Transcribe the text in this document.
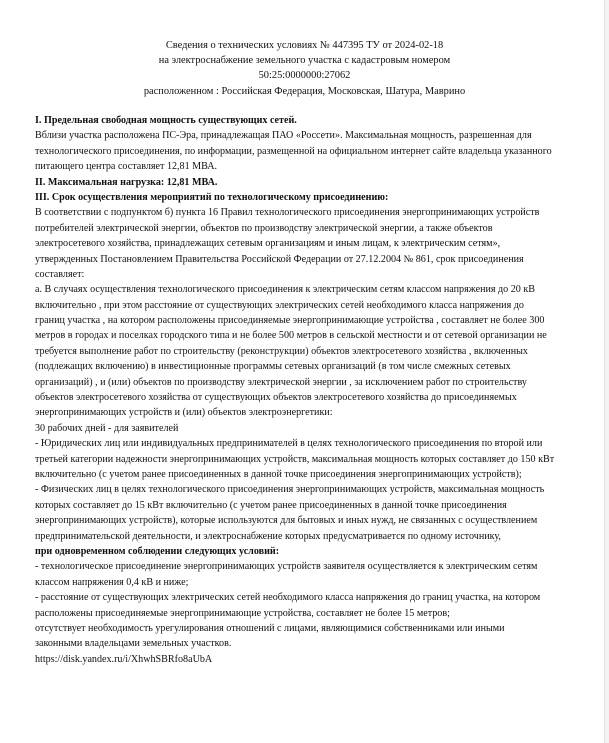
Сведения о технических условиях № 447395 ТУ от 2024-02-18
на электроснабжение земельного участка с кадастровым номером
50:25:0000000:27062
расположенном : Российская Федерация, Московская, Шатура, Маврино
I. Предельная свободная мощность существующих сетей.
Вблизи участка расположена ПС-Эра, принадлежащая ПАО «Россети». Максимальная мощность, разрешенная для
технологического присоединения, по информации, размещенной на официальном интернет сайте владельца указанного
питающего центра составляет 12,81 МВА.
II. Максимальная нагрузка: 12,81 МВА.
III. Срок осуществления мероприятий по технологическому присоединению:
В соответствии с подпунктом б) пункта 16 Правил технологического присоединения энергопринимающих устройств
потребителей электрической энергии, объектов по производству электрической энергии, а также объектов
электросетевого хозяйства, принадлежащих сетевым организациям и иным лицам, к электрическим сетям»,
утвержденных Постановлением Правительства Российской Федерации от 27.12.2004 № 861, срок присоединения
составляет:
а. В случаях осуществления технологического присоединения к электрическим сетям классом напряжения до 20 кВ
включительно , при этом расстояние от существующих электрических сетей необходимого класса напряжения до
границ участка , на котором расположены присоединяемые энергопринимающие устройства , составляет не более 300
метров в городах и поселках городского типа и не более 500 метров в сельской местности и от сетевой организации не
требуется выполнение работ по строительству (реконструкции) объектов электросетевого хозяйства , включенных
(подлежащих включению) в инвестиционные программы сетевых организаций (в том числе смежных сетевых
организаций) , и (или) объектов по производству электрической энергии , за исключением работ по строительству
объектов электросетевого хозяйства от существующих объектов электросетевого хозяйства до присоединяемых
энергопринимающих устройств и (или) объектов электроэнергетики:
30 рабочих дней - для заявителей
- Юридических лиц или индивидуальных предпринимателей в целях технологического присоединения по второй или
третьей категории надежности энергопринимающих устройств, максимальная мощность которых составляет до 150 кВт
включительно (с учетом ранее присоединенных в данной точке присоединения энергопринимающих устройств);
- Физических лиц в целях технологического присоединения энергопринимающих устройств, максимальная мощность
которых составляет до 15 кВт включительно (с учетом ранее присоединенных в данной точке присоединения
энергопринимающих устройств), которые используются для бытовых и иных нужд, не связанных с осуществлением
предпринимательской деятельности, и электроснабжение которых предусматривается по одному источнику,
при одновременном соблюдении следующих условий:
- технологическое присоединение энергопринимающих устройств заявителя осуществляется к электрическим сетям
классом напряжения 0,4 кВ и ниже;
- расстояние от существующих электрических сетей необходимого класса напряжения до границ участка, на котором
расположены присоединяемые энергопринимающие устройства, составляет не более 15 метров;
отсутствует необходимость урегулирования отношений с лицами, являющимися собственниками или иными
законными владельцами земельных участков.
https://disk.yandex.ru/i/XhwhSBRfo8aUbA
